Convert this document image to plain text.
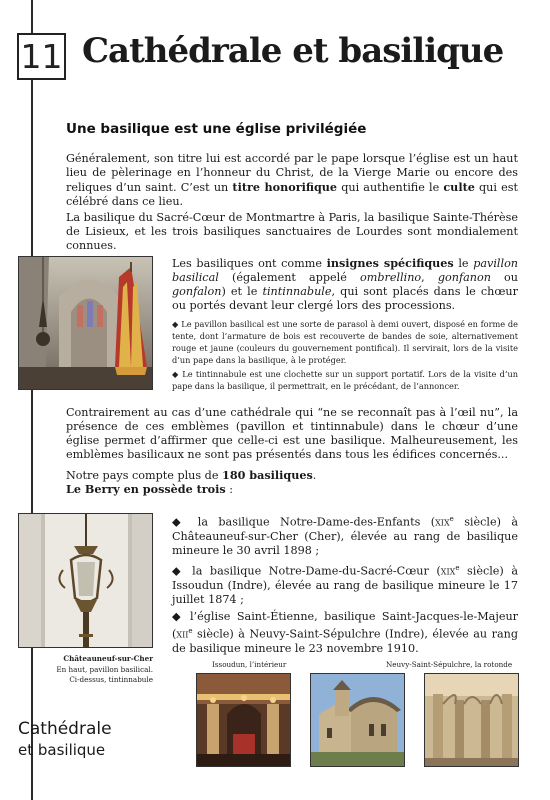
11 Cathédrale et basilique
Une basilique est une église privilégiée
Généralement, son titre lui est accordé par le pape lorsque l’église est un haut lieu de pèlerinage en l’honneur du Christ, de la Vierge Marie ou encore des reliques d’un saint. C’est un titre honorifique qui authentifie le culte qui est célébré dans ce lieu.
La basilique du Sacré-Cœur de Montmartre à Paris, la basilique Sainte-Thérèse de Lisieux, et les trois basiliques sanctuaires de Lourdes sont mondialement connues.
Les basiliques ont comme insignes spécifiques le pavillon basilical (également appelé ombrellino, gonfanon ou gonfalon) et le tintinnabule, qui sont placés dans le chœur ou portés devant leur clergé lors des processions.
◆ Le pavillon basilical est une sorte de parasol à demi ouvert, disposé en forme de tente, dont l’armature de bois est recouverte de bandes de soie, alternativement rouge et jaune (couleurs du gouvernement pontifical). Il servirait, lors de la visite d’un pape dans la basilique, à le protéger.
◆ Le tintinnabule est une clochette sur un support portatif. Lors de la visite d’un pape dans la basilique, il permettrait, en le précédant, de l’annoncer.
Contrairement au cas d’une cathédrale qui “ne se reconnaît pas à l’œil nu”, la présence de ces emblèmes (pavillon et tintinnabule) dans le chœur d’une église permet d’affirmer que celle-ci est une basilique. Malheureusement, les emblèmes basilicaux ne sont pas présentés dans tous les édifices concernés...
Notre pays compte plus de 180 basiliques.
Le Berry en possède trois :
◆ la basilique Notre-Dame-des-Enfants (xix$^e$ siècle) à Châteauneuf-sur-Cher (Cher), élevée au rang de basilique mineure le 30 avril 1898 ;
◆ la basilique Notre-Dame-du-Sacré-Cœur (xix$^e$ siècle) à Issoudun (Indre), élevée au rang de basilique mineure le 17 juillet 1874 ;
◆ l’église Saint-Étienne, basilique Saint-Jacques-le-Majeur (xii$^e$ siècle) à Neuvy-Saint-Sépulchre (Indre), élevée au rang de basilique mineure le 23 novembre 1910.
Châteauneuf-sur-Cher
En haut, pavillon basilical.
Ci-dessus, tintinnabule
Issoudun, l’intérieur	Neuvy-Saint-Sépulchre, la rotonde
Cathédrale
et basilique
